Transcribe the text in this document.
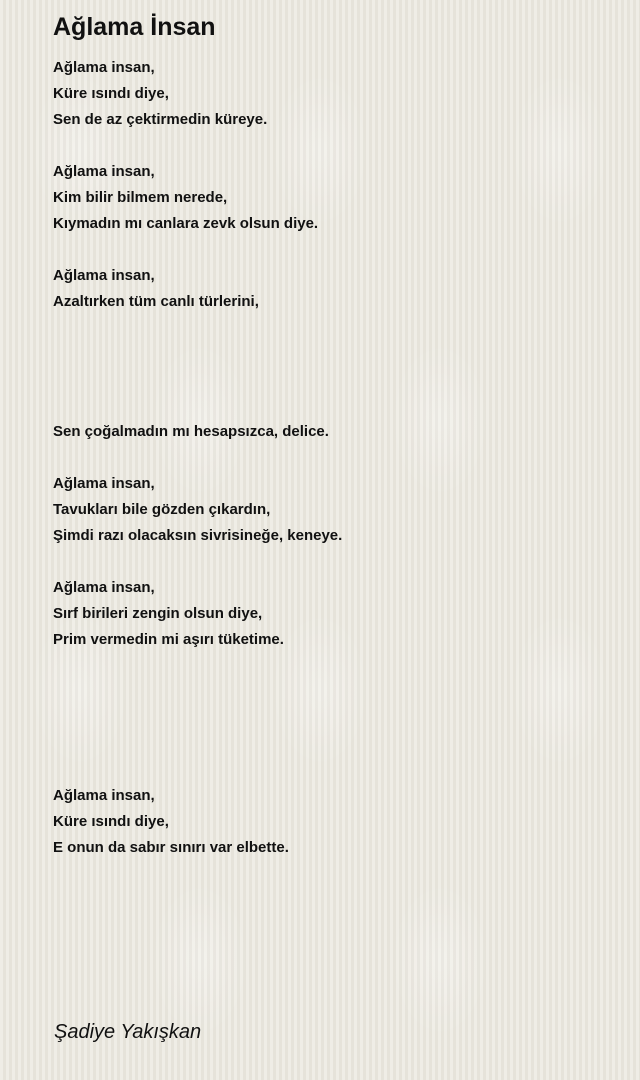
Ağlama İnsan
Ağlama insan,
Küre ısındı diye,
Sen de az çektirmedin küreye.
Ağlama insan,
Kim bilir bilmem nerede,
Kıymadın mı canlara zevk olsun diye.
Ağlama insan,
Azaltırken tüm canlı türlerini,
Sen çoğalmadın mı hesapsızca, delice.
Ağlama insan,
Tavukları bile gözden çıkardın,
Şimdi razı olacaksın sivrisineğe, keneye.
Ağlama insan,
Sırf birileri zengin olsun diye,
Prim vermedin mi aşırı tüketime.
Ağlama insan,
Küre ısındı diye,
E onun da sabır sınırı var elbette.
Şadiye Yakışkan
